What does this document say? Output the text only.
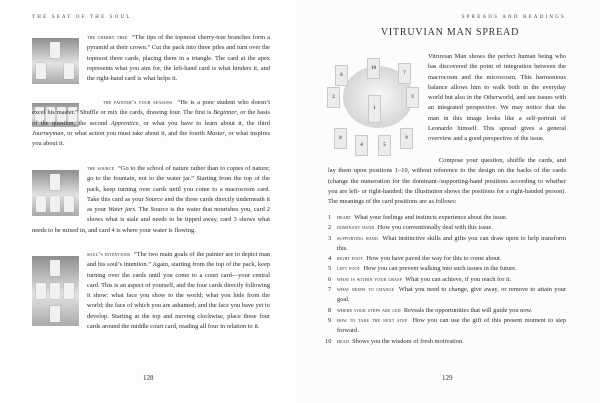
THE SEAT OF THE SOUL
the cherry tree “The tips of the topmost cherry-tree branches form a pyramid at their crown.” Cut the pack into three piles and turn over the topmost three cards, placing them in a triangle. The card at the apex represents what you aim for, the left-hand card is what hinders it, and the right-hand card is what helps it.
the painter’s four seasons “He is a poor student who doesn’t excel his master.” Shuffle or mix the cards, drawing four. The first is Beginner, or the basis of the question, the second Apprentice, or what you have to learn about it, the third Journeyman, or what action you must take about it, and the fourth Master, or what inspires you about it.
the source “Go to the school of nature rather than to copies of nature; go to the fountain, not to the water jar.” Starting from the top of the pack, keep turning over cards until you come to a macrocosm card. Take this card as your Source and the three cards directly underneath it as your Water jars. The Source is the water that nourishes you, card 2 shows what is stale and needs to be tipped away, card 3 shows what needs to be mixed in, and card 4 is where your water is flowing.
soul’s intentions “The two main goals of the painter are to depict man and his soul’s intention.” Again, starting from the top of the pack, keep turning over the cards until you come to a court card—your central card. This is an aspect of yourself, and the four cards directly following it show: what face you show to the world; what you hide from the world; the face of which you are ashamed; and the face you have yet to develop. Starting at the top and moving clockwise, place these four cards around the middle court card, reading all four in relation to it.
128
SPREADS AND READINGS
VITRUVIAN MAN SPREAD
1
2	3
4	5
6	7
8	9
10
Vitruvian Man shows the perfect human being who has discovered the point of integration between the macrocosm and the microcosm. This harmonious balance allows him to walk both in the everyday world but also in the Otherworld, and see issues with an integrated perspective. We may notice that the man in this image looks like a self-portrait of Leonardo himself. This spread gives a general overview and a good perspective of the issue.
Compose your question, shuffle the cards, and lay them upon positions 1–10, without reference to the design on the backs of the cards (change the numeration for the dominant-/supporting-hand positions according to whether you are left- or right-handed; the illustration shows the positions for a right-handed person). The meanings of the card positions are as follows:
1 heart What your feelings and instincts experience about the issue.
2 dominant hand How you conventionally deal with this issue.
3 supporting hand What instinctive skills and gifts you can draw upon to help transform this.
4 right foot How you have paved the way for this to come about.
5 left foot How you can prevent walking into such issues in the future.
6 what is within your grasp What you can achieve, if you reach for it.
7 what needs to change What you need to change, give away, or remove to attain your goal.
8 where your steps are led Reveals the opportunities that will guide you now.
9 how to take the next step How you can use the gift of this present moment to step forward.
10 head Shows you the wisdom of fresh motivation.
129
